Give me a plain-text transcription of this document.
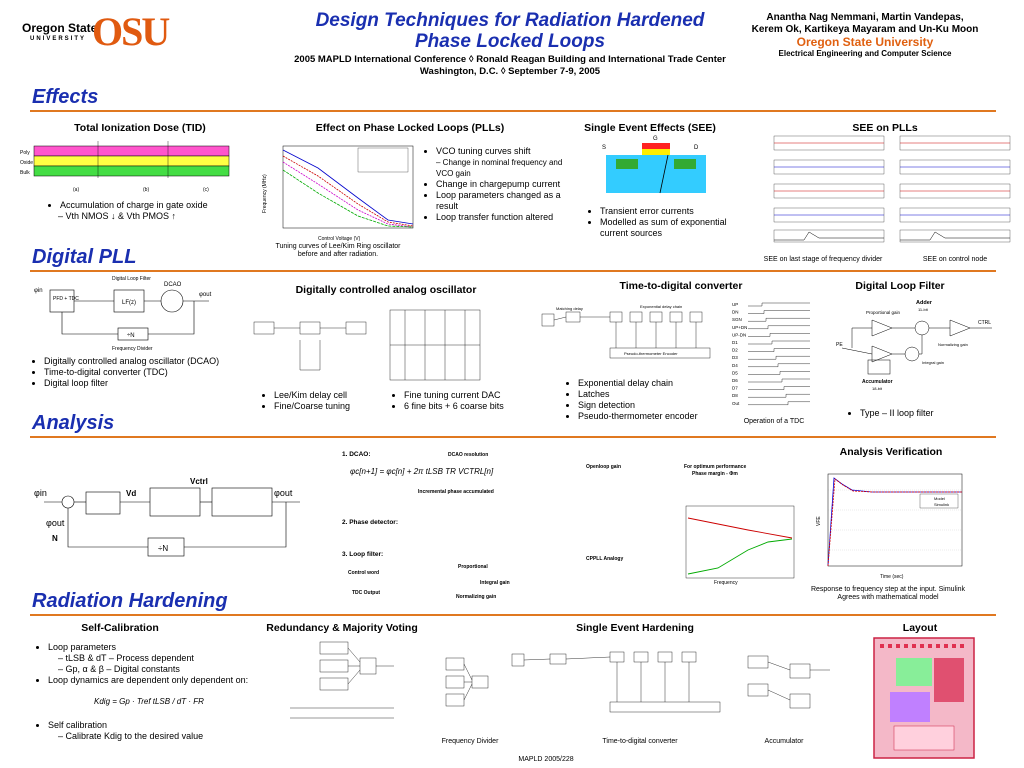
Oregon State
UNIVERSITY OSU	Design Techniques for Radiation Hardened
Phase Locked Loops
2005 MAPLD International Conference ◊ Ronald Reagan Building and International Trade Center
Washington, D.C. ◊ September 7-9, 2005
Anantha Nag Nemmani, Martin Vandepas,
Kerem Ok, Kartikeya Mayaram and Un-Ku Moon
Oregon State University
Electrical Engineering and Computer Science
Effects
Total Ionization Dose (TID)
Poly
Oxide
Bulk
(a)	(b)	(c)
• Accumulation of charge in gate oxide
– Vth NMOS ↓ & Vth PMOS ↑
Effect on Phase Locked Loops (PLLs)
Control Voltage (V)
Frequency (MHz)
Tuning curves of Lee/Kim Ring oscillator
before and after radiation.
• VCO tuning curves shift
– Change in nominal frequency and VCO gain
• Change in chargepump current
• Loop parameters changed as a result
• Loop transfer function altered
Single Event Effects (SEE)
S	D
G
• Transient error currents
• Modelled as sum of exponential current sources
SEE on PLLs
SEE on last stage of frequency divider	SEE on control node
Digital PLL
φin
PFD + TDC
LF(z)
DCAO
Digital Loop Filter
φout
÷N
Frequency Divider
• Digitally controlled analog oscillator (DCAO)
• Time-to-digital converter (TDC)
• Digital loop filter
Digitally controlled analog oscillator
• Lee/Kim delay cell
• Fine/Coarse tuning
• Fine tuning current DAC
• 6 fine bits + 6 coarse bits
Time-to-digital converter
Matching delay	Exponential delay chain
Pseudo-thermometer Encoder
• Exponential delay chain
• Latches
• Sign detection
• Pseudo-thermometer encoder
UP
DN
SGN
UP+DN
UP-DN
D1
D2
D3
D4
D5
D6
D7
D8
Out
Operation of a TDC
Digital Loop Filter
Adder
11-bit
Proportional gain
CTRL
Normalizing gain
Integral gain
Accumulator
18-bit
PE
• Type – II loop filter
Analysis
φin	Vd
Vctrl
φout
φout
N
÷N
1. DCAO:	DCAO resolution
φc[n+1] = φc[n] + 2π tLSB TR VCTRL[n]
Incremental phase accumulated
2. Phase detector:
3. Loop filter:
Control word
TDC Output
Proportional
Integral gain
Normalizing gain
Openloop gain	For optimum performance
Phase margin - Φm
CPPLL Analogy
Frequency
Analysis Verification
Model
Simulink
Time (sec)
VFE
Response to frequency step at the input. Simulink
Agrees with mathematical model
Radiation Hardening
Self-Calibration
• Loop parameters
– tLSB & dT – Process dependent
– Gp, α & β – Digital constants
• Loop dynamics are dependent only dependent on:
• Self calibration
– Calibrate Kdig to the desired value
Kdig = Gp · Tref tLSB / dT · FR
Redundancy & Majority Voting
Frequency Divider
Single Event Hardening
Time-to-digital converter	Accumulator
Layout
MAPLD 2005/228
